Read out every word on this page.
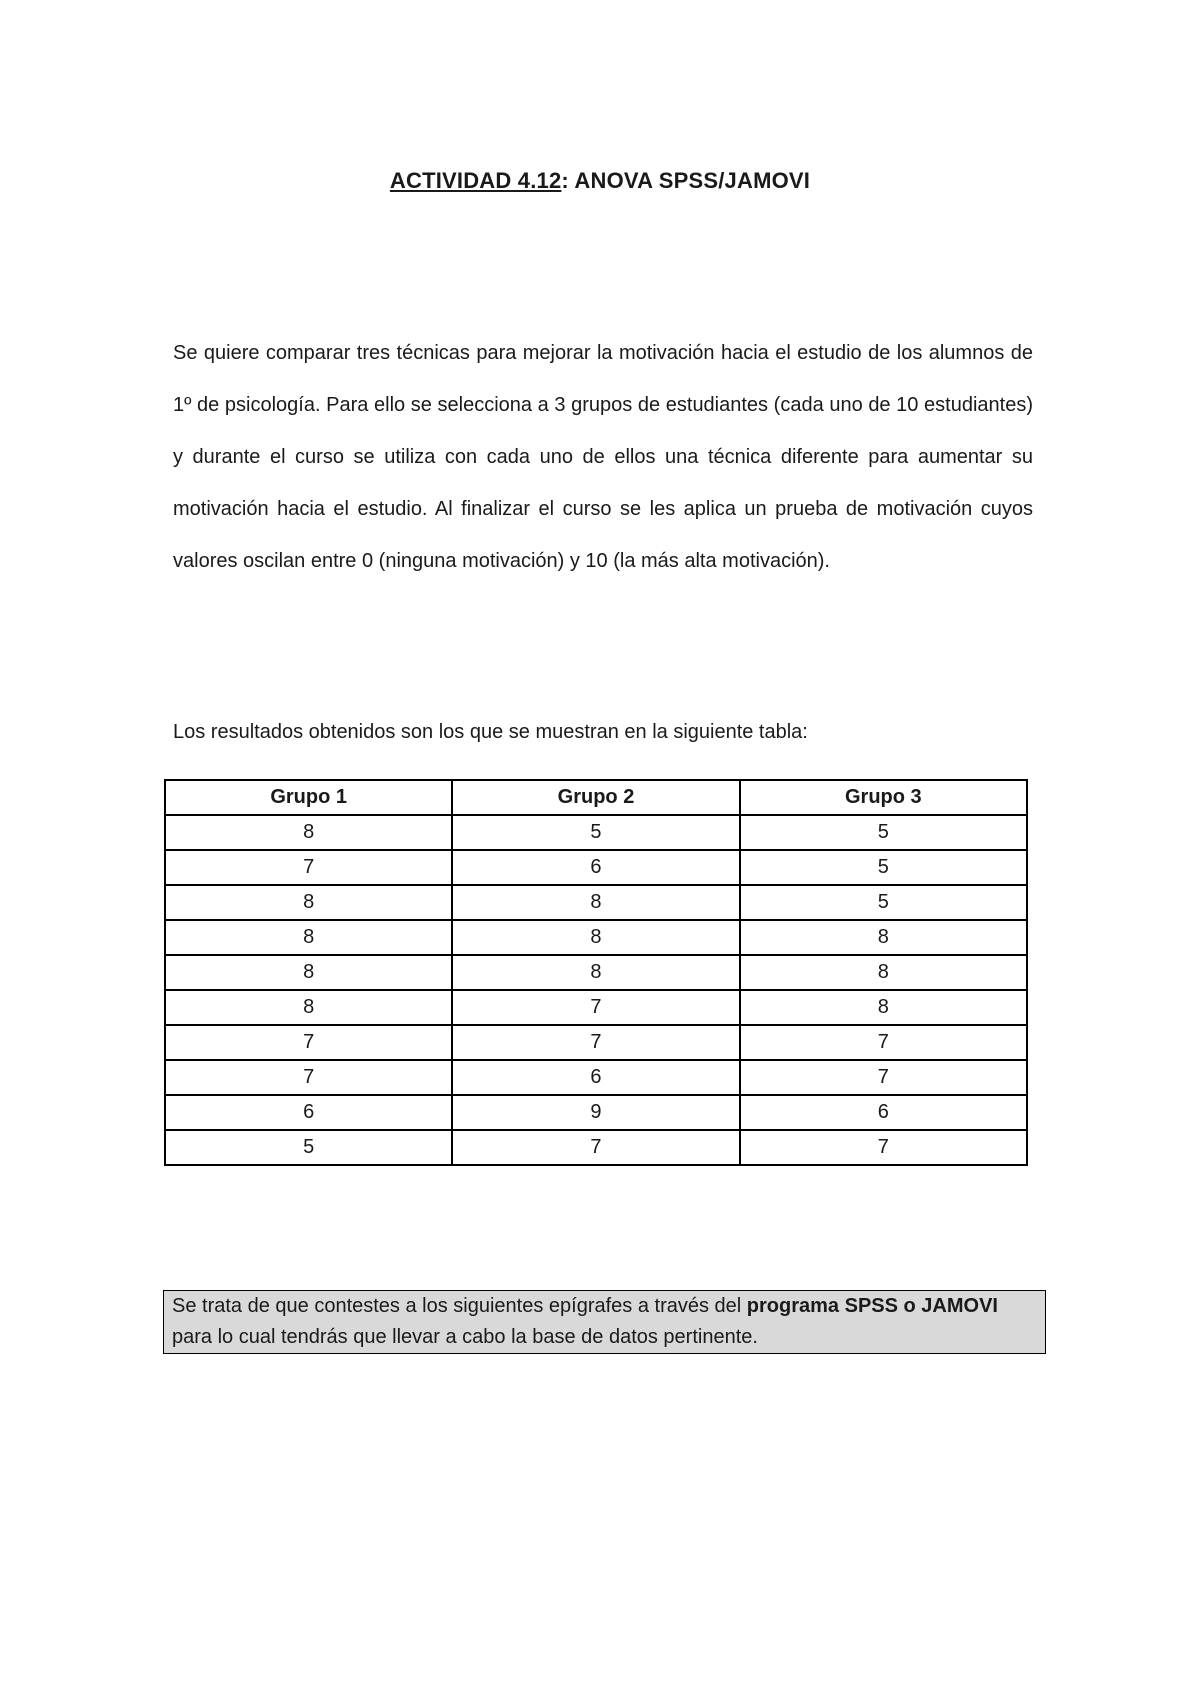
ACTIVIDAD 4.12: ANOVA SPSS/JAMOVI

Se quiere comparar tres técnicas para mejorar la motivación hacia el estudio de los alumnos de 1º de psicología. Para ello se selecciona a 3 grupos de estudiantes (cada uno de 10 estudiantes) y durante el curso se utiliza con cada uno de ellos una técnica diferente para aumentar su motivación hacia el estudio. Al finalizar el curso se les aplica un prueba de motivación cuyos valores oscilan entre 0 (ninguna motivación) y 10 (la más alta motivación).

Los resultados obtenidos son los que se muestran en la siguiente tabla:

Grupo 1	Grupo 2	Grupo 3
8	5	5
7	6	5
8	8	5
8	8	8
8	8	8
8	7	8
7	7	7
7	6	7
6	9	6
5	7	7
Se trata de que contestes a los siguientes epígrafes a través del programa SPSS o JAMOVI para lo cual tendrás que llevar a cabo la base de datos pertinente.
